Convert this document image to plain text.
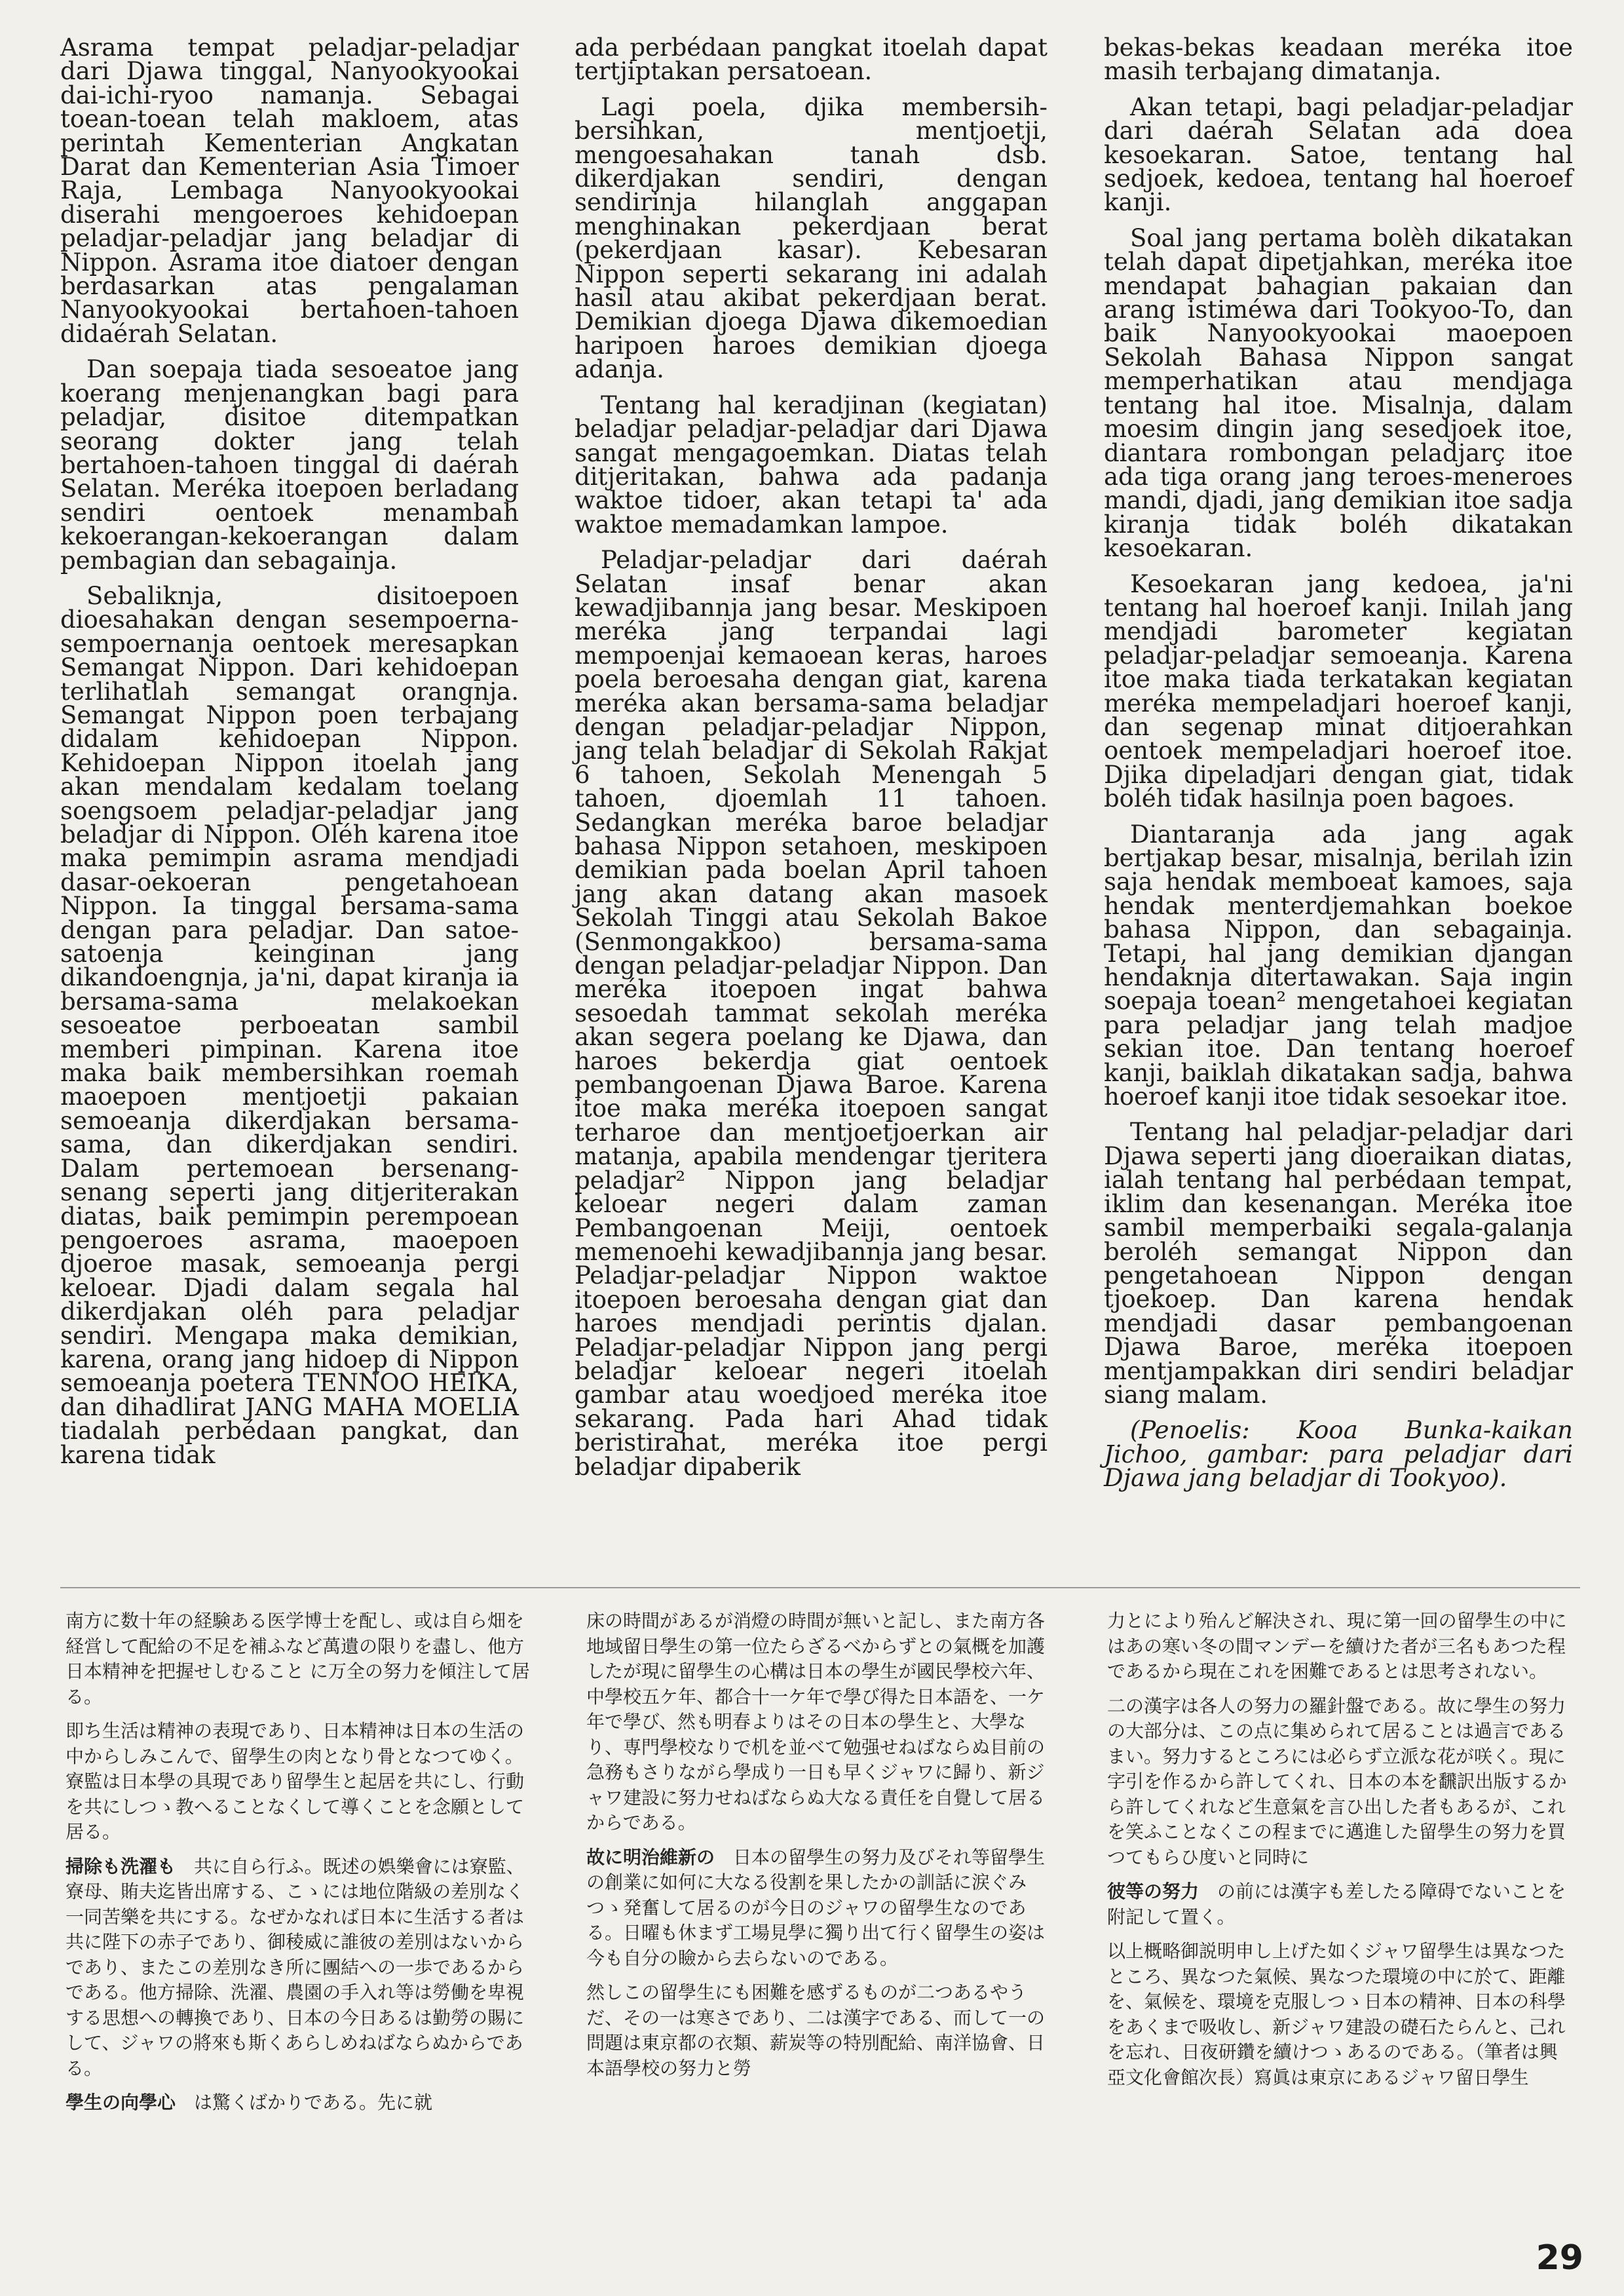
Asrama tempat peladjar-peladjar dari Djawa tinggal, Nanyookyookai dai-ichi-ryoo namanja. Sebagai toean-toean telah makloem, atas perintah Kementerian Angkatan Darat dan Kementerian Asia Timoer Raja, Lembaga Nanyookyookai diserahi mengoeroes kehidoepan peladjar-peladjar jang beladjar di Nippon. Asrama itoe diatoer dengan berdasarkan atas pengalaman Nanyookyookai bertahoen-tahoen didaérah Selatan.

Dan soepaja tiada sesoeatoe jang koerang menjenangkan bagi para peladjar, disitoe ditempatkan seorang dokter jang telah bertahoen-tahoen tinggal di daérah Selatan. Meréka itoepoen berladang sendiri oentoek menambah kekoerangan-kekoerangan dalam pembagian dan sebagainja.

Sebaliknja, disitoepoen dioesahakan dengan sesempoerna-sempoernanja oentoek meresapkan Semangat Nippon. Dari kehidoepan terlihatlah semangat orangnja. Semangat Nippon poen terbajang didalam kehidoepan Nippon. Kehidoepan Nippon itoelah jang akan mendalam kedalam toelang soengsoem peladjar-peladjar jang beladjar di Nippon. Oléh karena itoe maka pemimpin asrama mendjadi dasar-oekoeran pengetahoean Nippon. Ia tinggal bersama-sama dengan para peladjar. Dan satoe-satoenja keinginan jang dikandoengnja, ja'ni, dapat kiranja ia bersama-sama melakoekan sesoeatoe perboeatan sambil memberi pimpinan. Karena itoe maka baik membersihkan roemah maoepoen mentjoetji pakaian semoeanja dikerdjakan bersama-sama, dan dikerdjakan sendiri. Dalam pertemoean bersenang-senang seperti jang ditjeriterakan diatas, baik pemimpin perempoean pengoeroes asrama, maoepoen djoeroe masak, semoeanja pergi keloear. Djadi dalam segala hal dikerdjakan oléh para peladjar sendiri. Mengapa maka demikian, karena, orang jang hidoep di Nippon semoeanja poetera TENNOO HEIKA, dan dihadlirat JANG MAHA MOELIA tiadalah perbédaan pangkat, dan karena tidak

ada perbédaan pangkat itoelah dapat tertjiptakan persatoean.

Lagi poela, djika membersih-bersihkan, mentjoetji, mengoesahakan tanah dsb. dikerdjakan sendiri, dengan sendirinja hilanglah anggapan menghinakan pekerdjaan berat (pekerdjaan kasar). Kebesaran Nippon seperti sekarang ini adalah hasil atau akibat pekerdjaan berat. Demikian djoega Djawa dikemoedian haripoen haroes demikian djoega adanja.

Tentang hal keradjinan (kegiatan) beladjar peladjar-peladjar dari Djawa sangat mengagoemkan. Diatas telah ditjeritakan, bahwa ada padanja waktoe tidoer, akan tetapi ta' ada waktoe memadamkan lampoe.

Peladjar-peladjar dari daérah Selatan insaf benar akan kewadjibannja jang besar. Meskipoen meréka jang terpandai lagi mempoenjai kemaoean keras, haroes poela beroesaha dengan giat, karena meréka akan bersama-sama beladjar dengan peladjar-peladjar Nippon, jang telah beladjar di Sekolah Rakjat 6 tahoen, Sekolah Menengah 5 tahoen, djoemlah 11 tahoen. Sedangkan meréka baroe beladjar bahasa Nippon setahoen, meskipoen demikian pada boelan April tahoen jang akan datang akan masoek Sekolah Tinggi atau Sekolah Bakoe (Senmongakkoo) bersama-sama dengan peladjar-peladjar Nippon. Dan meréka itoepoen ingat bahwa sesoedah tammat sekolah meréka akan segera poelang ke Djawa, dan haroes bekerdja giat oentoek pembangoenan Djawa Baroe. Karena itoe maka meréka itoepoen sangat terharoe dan mentjoetjoerkan air matanja, apabila mendengar tjeritera peladjar² Nippon jang beladjar keloear negeri dalam zaman Pembangoenan Meiji, oentoek memenoehi kewadjibannja jang besar. Peladjar-peladjar Nippon waktoe itoepoen beroesaha dengan giat dan haroes mendjadi perintis djalan. Peladjar-peladjar Nippon jang pergi beladjar keloear negeri itoelah gambar atau woedjoed meréka itoe sekarang. Pada hari Ahad tidak beristirahat, meréka itoe pergi beladjar dipaberik

bekas-bekas keadaan meréka itoe masih terbajang dimatanja.

Akan tetapi, bagi peladjar-peladjar dari daérah Selatan ada doea kesoekaran. Satoe, tentang hal sedjoek, kedoea, tentang hal hoeroef kanji.

Soal jang pertama bolèh dikatakan telah dapat dipetjahkan, meréka itoe mendapat bahagian pakaian dan arang istiméwa dari Tookyoo-To, dan baik Nanyookyookai maoepoen Sekolah Bahasa Nippon sangat memperhatikan atau mendjaga tentang hal itoe. Misalnja, dalam moesim dingin jang sesedjoek itoe, diantara rombongan peladjarç itoe ada tiga orang jang teroes-meneroes mandi, djadi, jang demikian itoe sadja kiranja tidak boléh dikatakan kesoekaran.

Kesoekaran jang kedoea, ja'ni tentang hal hoeroef kanji. Inilah jang mendjadi barometer kegiatan peladjar-peladjar semoeanja. Karena itoe maka tiada terkatakan kegiatan meréka mempeladjari hoeroef kanji, dan segenap minat ditjoerahkan oentoek mempeladjari hoeroef itoe. Djika dipeladjari dengan giat, tidak boléh tidak hasilnja poen bagoes.

Diantaranja ada jang agak bertjakap besar, misalnja, berilah izin saja hendak memboeat kamoes, saja hendak menterdjemahkan boekoe bahasa Nippon, dan sebagainja. Tetapi, hal jang demikian djangan hendaknja ditertawakan. Saja ingin soepaja toean² mengetahoei kegiatan para peladjar jang telah madjoe sekian itoe. Dan tentang hoeroef kanji, baiklah dikatakan sadja, bahwa hoeroef kanji itoe tidak sesoekar itoe.

Tentang hal peladjar-peladjar dari Djawa seperti jang dioeraikan diatas, ialah tentang hal perbédaan tempat, iklim dan kesenangan. Meréka itoe sambil memperbaiki segala-galanja beroléh semangat Nippon dan pengetahoean Nippon dengan tjoekoep. Dan karena hendak mendjadi dasar pembangoenan Djawa Baroe, meréka itoepoen mentjampakkan diri sendiri beladjar siang malam.

(Penoelis: Kooa Bunka-kaikan Jichoo, gambar: para peladjar dari Djawa jang beladjar di Tookyoo).

南方に数十年の経験ある医学博士を配し、或は自ら畑を経営して配給の不足を補ふなど萬遺の限りを盡し、他方日本精神を把握せしむること に万全の努力を傾注して居る。

即ち生活は精神の表現であり、日本精神は日本の生活の中からしみこんで、留學生の肉となり骨となつてゆく。寮監は日本學の具現であり留學生と起居を共にし、行動を共にしつゝ教へることなくして導くことを念願として居る。

掃除も洗濯も　 共に自ら行ふ。既述の娯樂會には寮監、寮母、賄夫迄皆出席する、こゝには地位階級の差別なく一同苦樂を共にする。なぜかなれば日本に生活する者は共に陛下の赤子であり、御稜威に誰彼の差別はないからであり、またこの差別なき所に團結への一歩であるからである。他方掃除、洗濯、農園の手入れ等は勞働を卑視する思想への轉換であり、日本の今日あるは勤勞の賜にして、ジャワの將來も斯くあらしめねばならぬからである。

學生の向學心　 は驚くばかりである。先に就

床の時間があるが消燈の時間が無いと記し、また南方各地域留日學生の第一位たらざるべからずとの氣概を加護したが現に留學生の心構は日本の學生が國民學校六年、中學校五ケ年、都合十一ケ年で學び得た日本語を、一ケ年で學び、然も明春よりはその日本の學生と、大學なり、専門學校なりで机を並べて勉强せねばならぬ目前の急務もさりながら學成り一日も早くジャワに歸り、新ジャワ建設に努力せねばならぬ大なる責任を自覺して居るからである。

故に明治維新の　 日本の留學生の努力及びそれ等留學生の創業に如何に大なる役割を果したかの訓話に涙ぐみつゝ発奮して居るのが今日のジャワの留學生なのである。日曜も休まず工場見學に獨り出て行く留學生の姿は今も自分の瞼から去らないのである。

然しこの留學生にも困難を感ずるものが二つあるやうだ、その一は寒さであり、二は漢字である、而して一の問題は東京都の衣類、薪炭等の特別配給、南洋協會、日本語學校の努力と勞

力とにより殆んど解決され、現に第一回の留學生の中にはあの寒い冬の間マンデーを續けた者が三名もあつた程であるから現在これを困難であるとは思考されない。

二の漢字は各人の努力の羅針盤である。故に學生の努力の大部分は、この点に集められて居ることは過言であるまい。努力するところには必らず立派な花が咲く。現に字引を作るから許してくれ、日本の本を飜訳出版するから許してくれなど生意氣を言ひ出した者もあるが、これを笑ふことなくこの程までに邁進した留學生の努力を買つてもらひ度いと同時に

彼等の努力　 の前には漢字も差したる障碍でないことを附記して置く。

以上概略御説明申し上げた如くジャワ留學生は異なつたところ、異なつた氣候、異なつた環境の中に於て、距離を、氣候を、環境を克服しつゝ日本の精神、日本の科學をあくまで吸收し、新ジャワ建設の礎石たらんと、己れを忘れ、日夜研鑽を續けつゝあるのである。（筆者は興亞文化會館次長）寫眞は東京にあるジャワ留日學生

29
